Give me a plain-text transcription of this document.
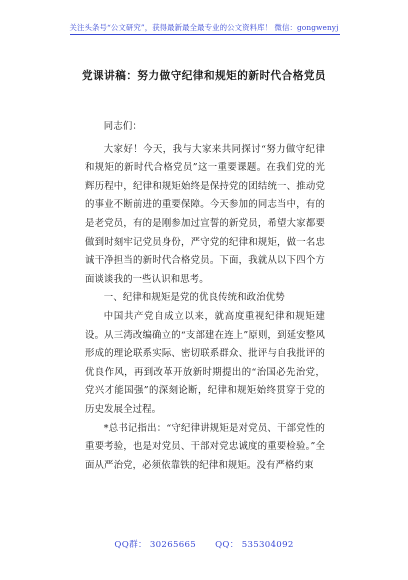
关注头条号“公文研究”，获得最新最全最专业的公文资料库！ 微信：gongwenyj
党课讲稿：努力做守纪律和规矩的新时代合格党员

同志们：

大家好！今天，我与大家来共同探讨“努力做守纪律和规矩的新时代合格党员”这一重要课题。在我们党的光辉历程中，纪律和规矩始终是保持党的团结统一、推动党的事业不断前进的重要保障。今天参加的同志当中，有的是老党员，有的是刚参加过宣誓的新党员，希望大家都要做到时刻牢记党员身份，严守党的纪律和规矩，做一名忠诚干净担当的新时代合格党员。下面，我就从以下四个方面谈谈我的一些认识和思考。

一、纪律和规矩是党的优良传统和政治优势

中国共产党自成立以来，就高度重视纪律和规矩建设。从三湾改编确立的“支部建在连上”原则，到延安整风形成的理论联系实际、密切联系群众、批评与自我批评的优良作风，再到改革开放新时期提出的“治国必先治党，党兴才能国强”的深刻论断，纪律和规矩始终贯穿于党的历史发展全过程。

*总书记指出：“守纪律讲规矩是对党员、干部党性的重要考验，也是对党员、干部对党忠诚度的重要检验。”全面从严治党，必须依靠铁的纪律和规矩。没有严格约束

QQ群： 30265665 QQ： 535304092
